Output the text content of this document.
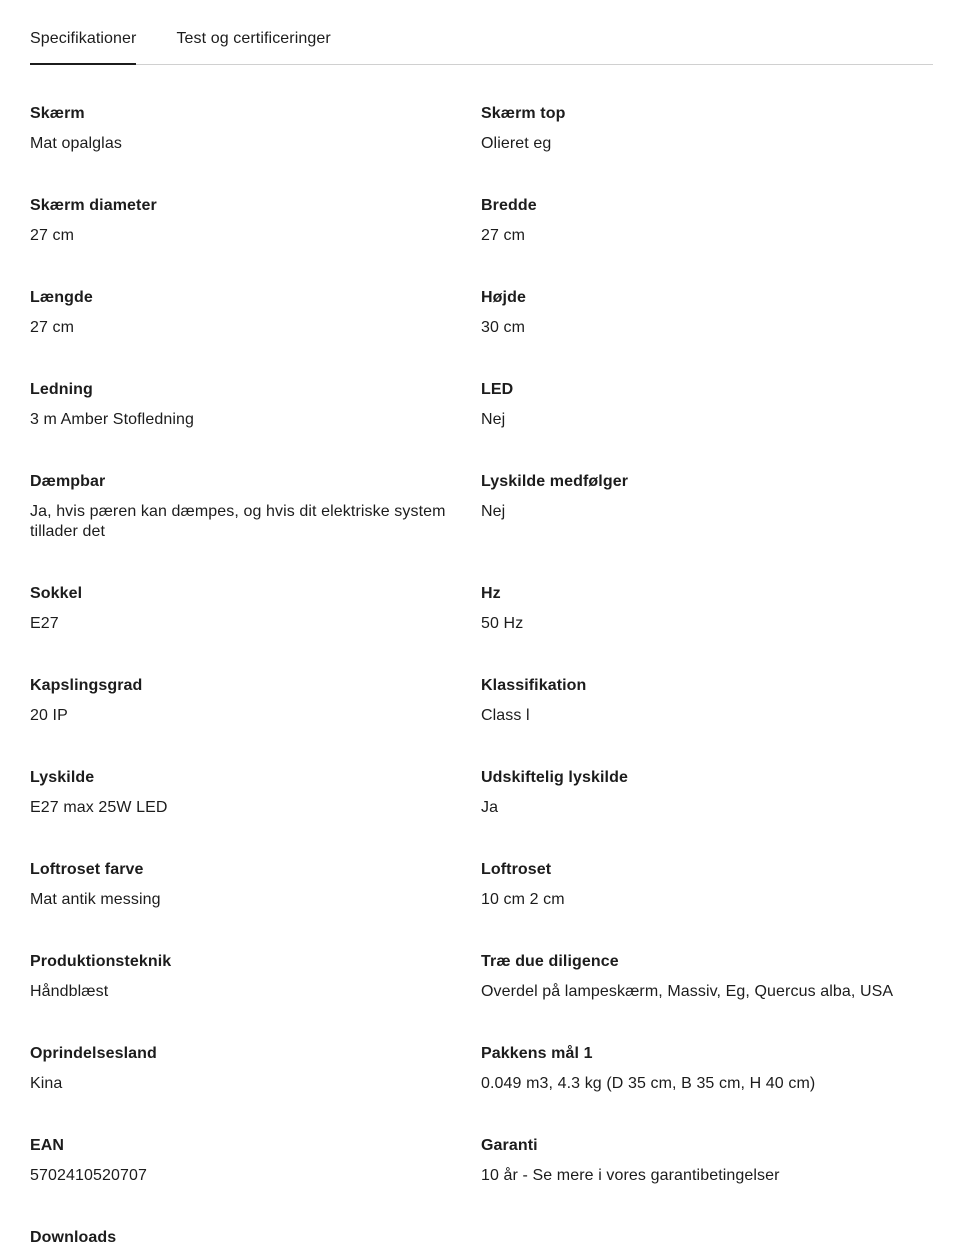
Specifikationer	Test og certificeringer
Skærm
Mat opalglas
Skærm top
Olieret eg
Skærm diameter
27 cm
Bredde
27 cm
Længde
27 cm
Højde
30 cm
Ledning
3 m Amber Stofledning
LED
Nej
Dæmpbar
Ja, hvis pæren kan dæmpes, og hvis dit elektriske system tillader det
Lyskilde medfølger
Nej
Sokkel
E27
Hz
50 Hz
Kapslingsgrad
20 IP
Klassifikation
Class l
Lyskilde
E27 max 25W LED
Udskiftelig lyskilde
Ja
Loftroset farve
Mat antik messing
Loftroset
10 cm 2 cm
Produktionsteknik
Håndblæst
Træ due diligence
Overdel på lampeskærm, Massiv, Eg, Quercus alba, USA
Oprindelsesland
Kina
Pakkens mål 1
0.049 m3, 4.3 kg (D 35 cm, B 35 cm, H 40 cm)
EAN
5702410520707
Garanti
10 år - Se mere i vores garantibetingelser
Downloads
